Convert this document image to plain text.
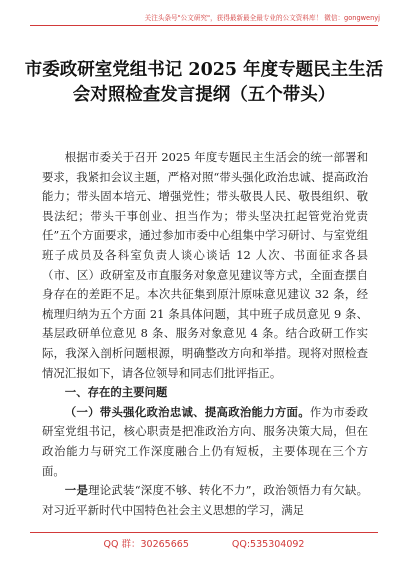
关注头条号"公文研究"，获得最新最全最专业的公文资料库！ 微信：gongwenyj
市委政研室党组书记 2025 年度专题民主生活会对照检查发言提纲（五个带头）

根据市委关于召开 2025 年度专题民主生活会的统一部署和要求，我紧扣会议主题，严格对照“带头强化政治忠诚、提高政治能力；带头固本培元、增强党性；带头敬畏人民、敬畏组织、敬畏法纪；带头干事创业、担当作为；带头坚决扛起管党治党责任”五个方面要求，通过参加市委中心组集中学习研讨、与室党组班子成员及各科室负责人谈心谈话 12 人次、书面征求各县（市、区）政研室及市直服务对象意见建议等方式，全面查摆自身存在的差距不足。本次共征集到原汁原味意见建议 32 条，经梳理归纳为五个方面 21 条具体问题，其中班子成员意见 9 条、基层政研单位意见 8 条、服务对象意见 4 条。结合政研工作实际，我深入剖析问题根源，明确整改方向和举措。现将对照检查情况汇报如下，请各位领导和同志们批评指正。

一、存在的主要问题

（一）带头强化政治忠诚、提高政治能力方面。作为市委政研室党组书记，核心职责是把准政治方向、服务决策大局，但在政治能力与研究工作深度融合上仍有短板，主要体现在三个方面。

一是理论武装“深度不够、转化不力”，政治领悟力有欠缺。对习近平新时代中国特色社会主义思想的学习，满足

QQ 群：30265665	QQ:535304092
